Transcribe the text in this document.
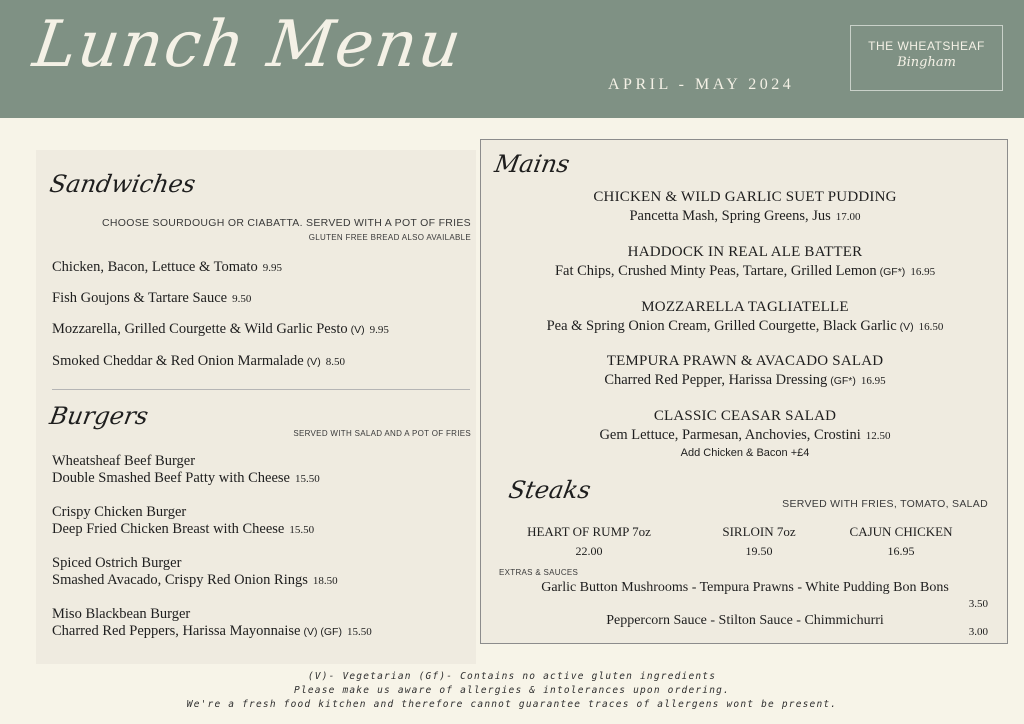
Lunch Menu
APRIL - MAY 2024
THE WHEATSHEAF
Bingham
Sandwiches
CHOOSE SOURDOUGH OR CIABATTA. SERVED WITH A POT OF FRIES
GLUTEN FREE BREAD ALSO AVAILABLE
Chicken, Bacon, Lettuce & Tomato 9.95
Fish Goujons & Tartare Sauce 9.50
Mozzarella, Grilled Courgette & Wild Garlic Pesto (V) 9.95
Smoked Cheddar & Red Onion Marmalade (V) 8.50
Burgers
SERVED WITH SALAD AND A POT OF FRIES
Wheatsheaf Beef Burger
Double Smashed Beef Patty with Cheese 15.50
Crispy Chicken Burger
Deep Fried Chicken Breast with Cheese 15.50
Spiced Ostrich Burger
Smashed Avacado, Crispy Red Onion Rings 18.50
Miso Blackbean Burger
Charred Red Peppers, Harissa Mayonnaise (V) (GF) 15.50
Mains
CHICKEN & WILD GARLIC SUET PUDDING
Pancetta Mash, Spring Greens, Jus 17.00
HADDOCK IN REAL ALE BATTER
Fat Chips, Crushed Minty Peas, Tartare, Grilled Lemon (GF*) 16.95
MOZZARELLA TAGLIATELLE
Pea & Spring Onion Cream, Grilled Courgette, Black Garlic (V) 16.50
TEMPURA PRAWN & AVACADO SALAD
Charred Red Pepper, Harissa Dressing (GF*) 16.95
CLASSIC CEASAR SALAD
Gem Lettuce, Parmesan, Anchovies, Crostini 12.50
Add Chicken & Bacon +£4
Steaks	SERVED WITH FRIES, TOMATO, SALAD
HEART OF RUMP 7oz
22.00
SIRLOIN 7oz
19.50
CAJUN CHICKEN
16.95
EXTRAS & SAUCES
Garlic Button Mushrooms - Tempura Prawns - White Pudding Bon Bons
3.50
Peppercorn Sauce - Stilton Sauce - Chimmichurri
3.00
(V)- Vegetarian (Gf)- Contains no active gluten ingredients
Please make us aware of allergies & intolerances upon ordering.
We're a fresh food kitchen and therefore cannot guarantee traces of allergens wont be present.
